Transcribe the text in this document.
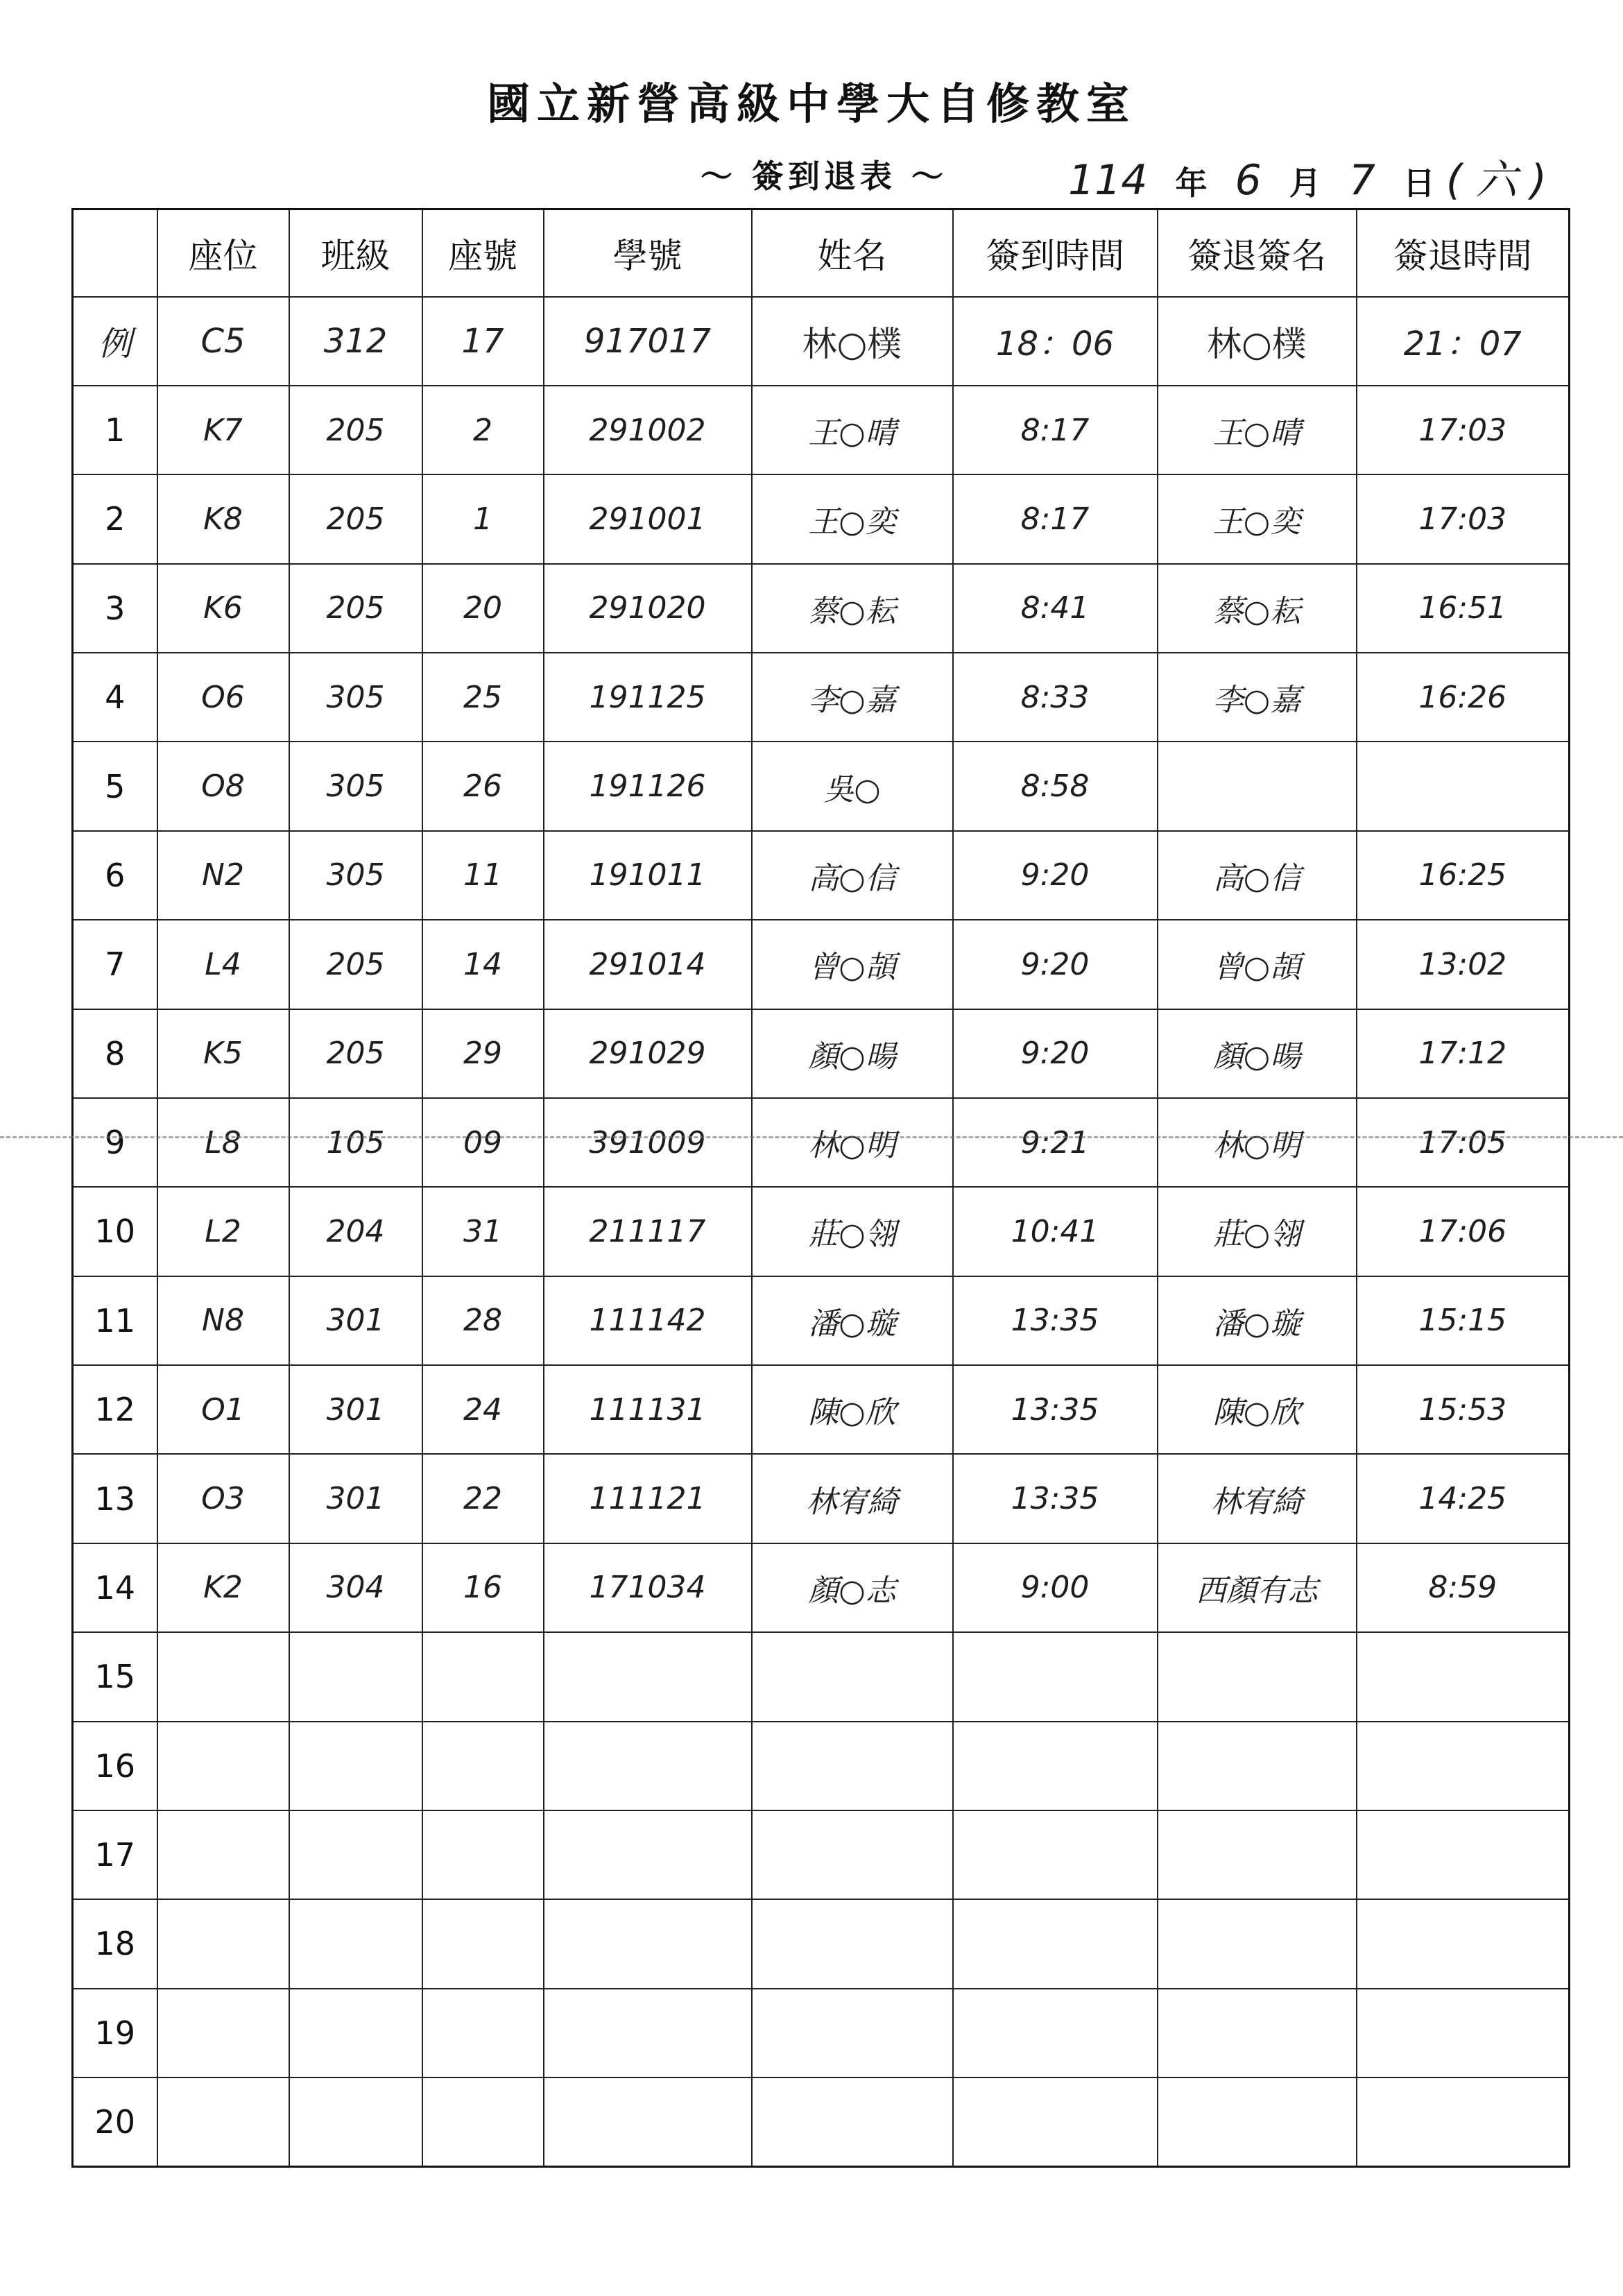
國立新營高級中學大自修教室
～ 簽到退表 ～	114 年 6 月 7 日 ( 六 )
	座位	班級	座號	學號	姓名	簽到時間	簽退簽名	簽退時間
例	C5	312	17	917017	林○樸	18：06	林○樸	21：07
1	K7	205	2	291002	王○晴	8:17	王○晴	17:03
2	K8	205	1	291001	王○奕	8:17	王○奕	17:03
3	K6	205	20	291020	蔡○耘	8:41	蔡○耘	16:51
4	O6	305	25	191125	李○嘉	8:33	李○嘉	16:26
5	O8	305	26	191126	吳○	8:58		
6	N2	305	11	191011	高○信	9:20	高○信	16:25
7	L4	205	14	291014	曾○頡	9:20	曾○頡	13:02
8	K5	205	29	291029	顏○暘	9:20	顏○暘	17:12
9	L8	105	09	391009	林○明	9:21	林○明	17:05
10	L2	204	31	211117	莊○翎	10:41	莊○翎	17:06
11	N8	301	28	111142	潘○璇	13:35	潘○璇	15:15
12	O1	301	24	111131	陳○欣	13:35	陳○欣	15:53
13	O3	301	22	111121	林宥綺	13:35	林宥綺	14:25
14	K2	304	16	171034	顏○志	9:00	西顏有志	8:59
15								
16								
17								
18								
19								
20								
